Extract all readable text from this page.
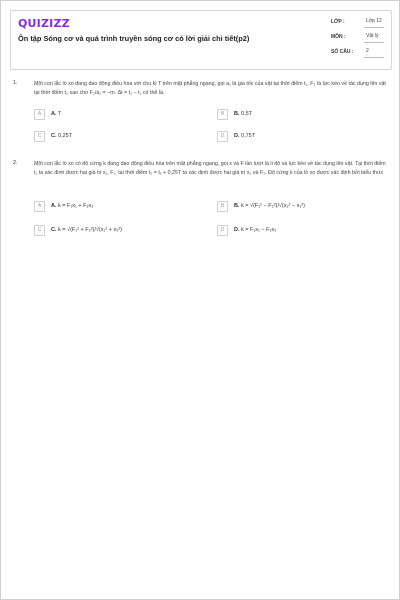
QUIZIZZ
Ôn tập Sóng cơ và quá trình truyền sóng cơ có lời giải chi tiết(p2)
LỚP :	Lớp 12
MÔN :	Vật lý
SỐ CÂU :	2
1.	Một con lắc lò xo đang dao động điều hòa với chu kì T trên mặt phẳng ngang, gọi a₁ là gia tốc của vật tại thời điểm t₁, F₂ là lực kéo về tác dụng lên vật tại thời điểm t₂ sao cho F₂/a₁ = −m. Δt = t₂ − t₁ có thể là.
A	A. T	B	B. 0,5T
C	C. 0,25T	D	D. 0,75T
2.	Một con lắc lò xo có độ cứng k đang dao động điều hòa trên mặt phẳng ngang, gọi x và F lần lượt là li độ và lực kéo về tác dụng lên vật. Tại thời điểm t₁ ta xác định được hai giá trị x₁, F₁; tại thời điểm t₂ = t₁ + 0,25T ta xác định được hai giá trị x₂ và F₂. Độ cứng k của lò xo được xác định bởi biểu thức
A	A. k = F₁x₁ + F₂x₂	B	B. k = √(F₁² − F₂²)/√(x₂² − x₁²)
C	C. k = √(F₁² + F₂²)/√(x₁² + x₂²)	D	D. k = F₁x₁ − F₂x₂
